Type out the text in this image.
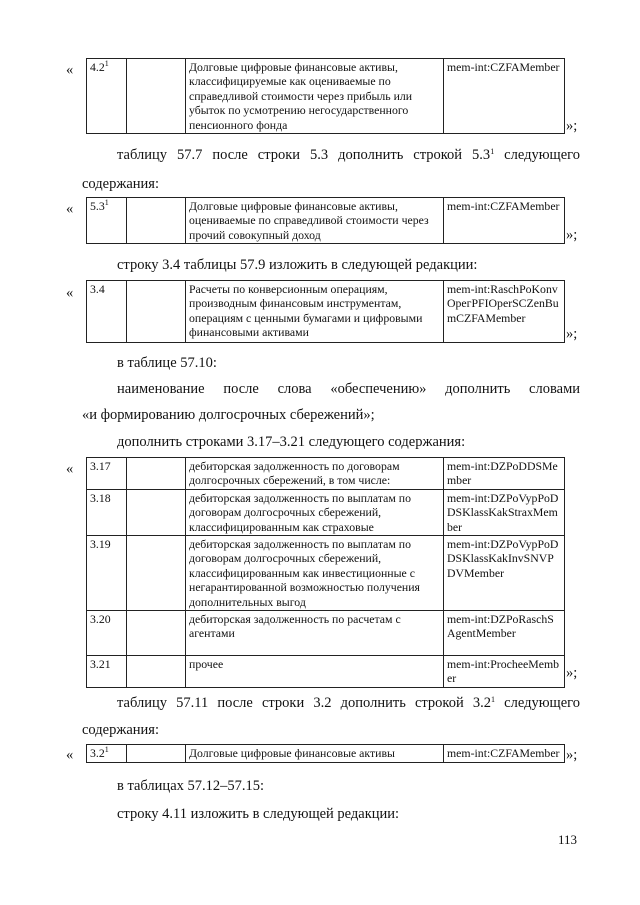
« $4.2^1$		Долговые цифровые финансовые активы, классифицируемые как оцениваемые по справедливой стоимости через прибыль или убыток по усмотрению негосударственного пенсионного фонда	mem-int:CZFAMember
»;
таблицу 57.7 после строки 5.3 дополнить строкой $5.3^1$ следующего
содержания:
« $5.3^1$		Долговые цифровые финансовые активы, оцениваемые по справедливой стоимости через прочий совокупный доход	mem-int:CZFAMember
»;
строку 3.4 таблицы 57.9 изложить в следующей редакции:
« 3.4		Расчеты по конверсионным операциям, производным финансовым инструментам, операциям с ценными бумагами и цифровыми финансовыми активами	mem-int:RaschPoKonvOpeгPFIOperSCZenBumCZFAMember
»;
в таблице 57.10:
наименование после слова «обеспечению» дополнить словами
«и формированию долгосрочных сбережений»;
дополнить строками 3.17–3.21 следующего содержания:
« 3.17		дебиторская задолженность по договорам долгосрочных сбережений, в том числе:	mem-int:DZPoDDSMember
3.18		дебиторская задолженность по выплатам по договорам долгосрочных сбережений, классифицированным как страховые	mem-int:DZPoVypPoDDSKlassKakStraxMember
3.19		дебиторская задолженность по выплатам по договорам долгосрочных сбережений, классифицированным как инвестиционные с негарантированной возможностью получения дополнительных выгод	mem-int:DZPoVypPoDDSKlassKakInvSNVPDVMember
3.20		дебиторская задолженность по расчетам с агентами	mem-int:DZPoRaschSAgentMember
3.21		прочее	mem-int:ProcheeMember	»;
таблицу 57.11 после строки 3.2 дополнить строкой $3.2^1$ следующего
содержания:
« $3.2^1$		Долговые цифровые финансовые активы	mem-int:CZFAMember »;
в таблицах 57.12–57.15:
строку 4.11 изложить в следующей редакции:
113
